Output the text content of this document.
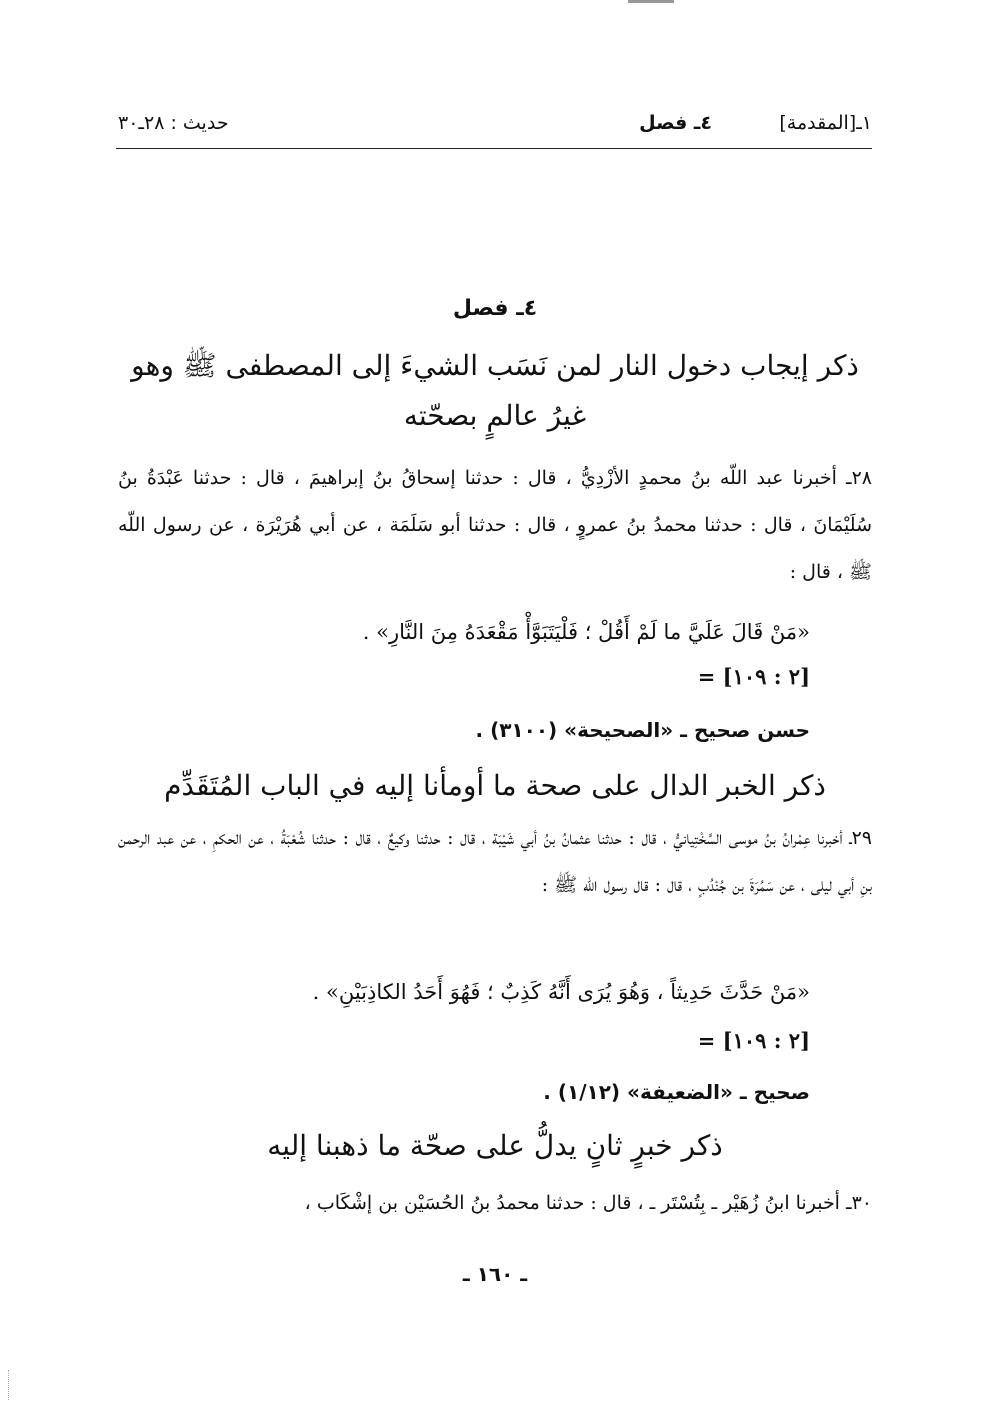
١ـ[المقدمة]
٤ـ فصل
حديث : ٢٨ـ٣٠
٤ـ فصل
ذكر إيجاب دخول النار لمن نَسَب الشيءَ إلى المصطفى ﷺ وهو
غيرُ عالمٍ بصحّته
٢٨ـ أخبرنا عبد اللّه بنُ محمدٍ الأزْدِيُّ ، قال : حدثنا إسحاقُ بنُ إبراهيمَ ، قال : حدثنا عَبْدَةُ بنُ سُلَيْمَانَ ، قال : حدثنا محمدُ بنُ عمروٍ ، قال : حدثنا أبو سَلَمَة ، عن أبي هُرَيْرَة ، عن رسول اللّه ﷺ ، قال :
«مَنْ قَالَ عَلَيَّ ما لَمْ أَقُلْ ؛ فَلْيَتَبَوَّأْ مَقْعَدَهُ مِنَ النَّارِ» .
[٢ : ١٠٩] =
حسن صحيح ـ «الصحيحة» (٣١٠٠) .
ذكر الخبر الدال على صحة ما أومأنا إليه في الباب المُتَقَدِّم
٢٩ـ أخبرنا عِمْرانُ بنُ موسى السَّخْتِيانيُّ ، قال : حدثنا عثمانُ بنُ أبي شَيْبَة ، قال : حدثنا وكيعٌ ، قال : حدثنا شُعْبَةُ ، عن الحكمِ ، عن عبد الرحمن بنِ أبي ليلى ، عن سَمُرَةَ بن جُنْدُبٍ ، قال : قال رسول اللّه ﷺ :
«مَنْ حَدَّثَ حَدِيثاً ، وَهُوَ يُرَى أَنَّهُ كَذِبٌ ؛ فَهُوَ أَحَدُ الكاذِبَيْنِ» .
[٢ : ١٠٩] =
صحيح ـ «الضعيفة» (١/١٢) .
ذكر خبرٍ ثانٍ يدلُّ على صحّة ما ذهبنا إليه
٣٠ـ أخبرنا ابنُ زُهَيْر ـ بِتُسْتَر ـ ، قال : حدثنا محمدُ بنُ الحُسَيْن بن إشْكَاب ،
ـ ١٦٠ ـ
